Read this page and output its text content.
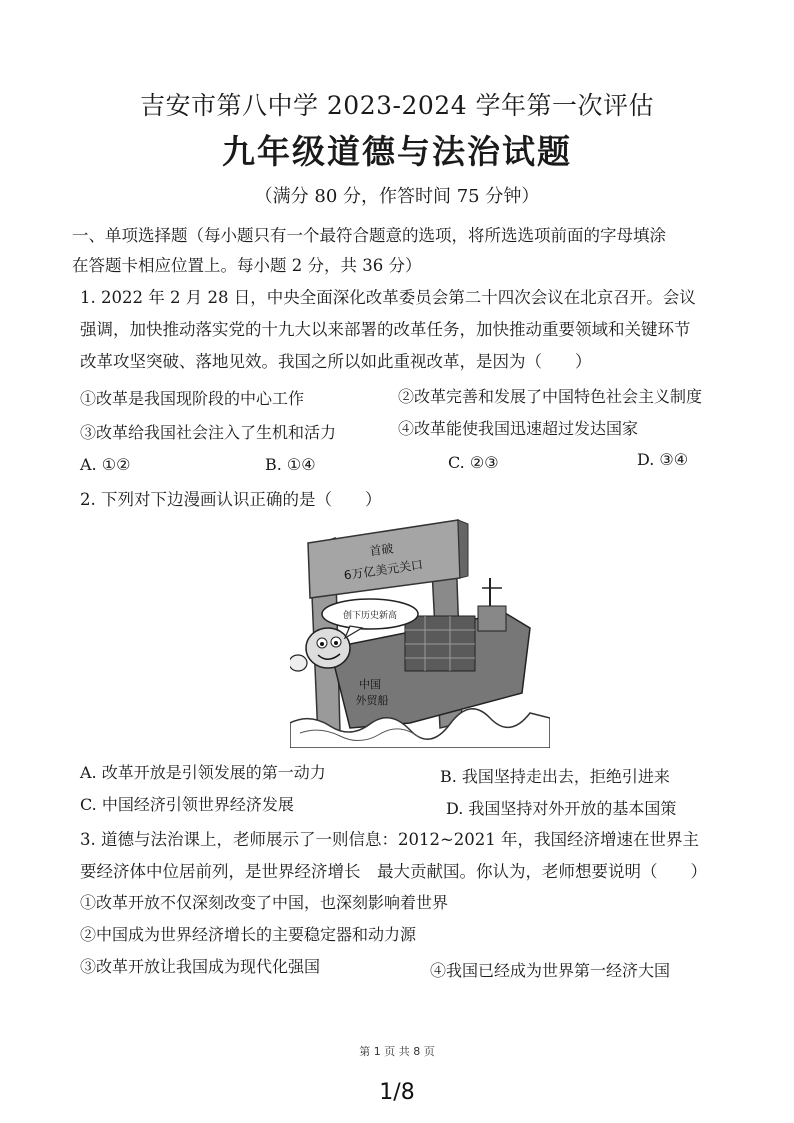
吉安市第八中学 2023-2024 学年第一次评估
九年级道德与法治试题
（满分 80 分，作答时间 75 分钟）
一、单项选择题（每小题只有一个最符合题意的选项，将所选选项前面的字母填涂
在答题卡相应位置上。每小题 2 分，共 36 分）
1. 2022 年 2 月 28 日，中央全面深化改革委员会第二十四次会议在北京召开。会议
强调，加快推动落实党的十九大以来部署的改革任务，加快推动重要领域和关键环节
改革攻坚突破、落地见效。我国之所以如此重视改革，是因为（　　）
①改革是我国现阶段的中心工作	②改革完善和发展了中国特色社会主义制度
③改革给我国社会注入了生机和活力	④改革能使我国迅速超过发达国家
A. ①②	B. ①④	C. ②③	D. ③④
2. 下列对下边漫画认识正确的是（　　）
首破
6万亿美元关口
创下历史新高
中国
外贸船
A. 改革开放是引领发展的第一动力	B. 我国坚持走出去，拒绝引进来
C. 中国经济引领世界经济发展	D. 我国坚持对外开放的基本国策
3. 道德与法治课上，老师展示了一则信息：2012~2021 年，我国经济增速在世界主
要经济体中位居前列，是世界经济增长　最大贡献国。你认为，老师想要说明（　　）
①改革开放不仅深刻改变了中国，也深刻影响着世界
②中国成为世界经济增长的主要稳定器和动力源
③改革开放让我国成为现代化强国	④我国已经成为世界第一经济大国
第 1 页 共 8 页
1/8
